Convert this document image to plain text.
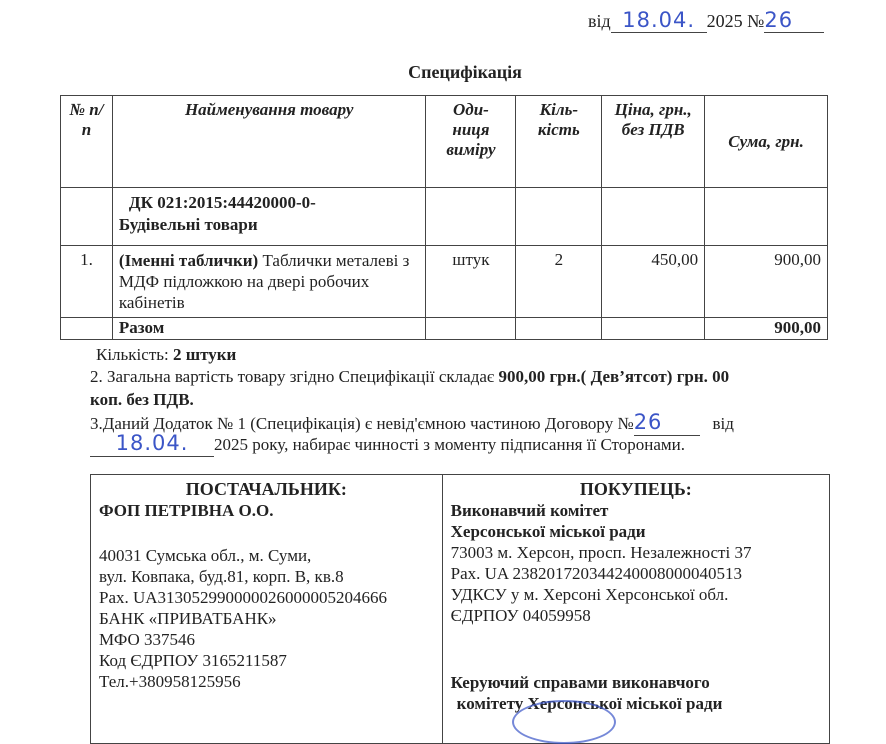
від 18.04. 2025 №26
Специфікація
№ п/п	Найменування товару	Оди- ниця виміру	Кіль- кість	Ціна, грн., без ПДВ	Сума, грн.

	ДК 021:2015:44420000-0-
Будівельні товари				

1.	(Іменні таблички) Таблички металеві з МДФ підложкою на двері робочих кабінетів	штук	2	450,00	900,00
	Разом				900,00
Кількість: 2 штуки
2. Загальна вартість товару згідно Специфікації складає 900,00 грн.( Дев’ятсот) грн. 00
коп. без ПДВ.
3.Даний Додаток № 1 (Специфікація) є невід'ємною частиною Договору №26	від
18.04. 2025 року, набирає чинності з моменту підписання її Сторонами.
ПОСТАЧАЛЬНИК:
ФОП ПЕТРІВНА О.О.
40031 Сумська обл., м. Суми,
вул. Ковпака, буд.81, корп. В, кв.8
Рах. UA313052990000026000005204666
БАНК «ПРИВАТБАНК»
МФО 337546
Код ЄДРПОУ 3165211587
Тел.+380958125956

ПОКУПЕЦЬ:
Виконавчий комітет
Херсонської міської ради
73003 м. Херсон, просп. Незалежності 37
Рах. UA 238201720344240008000040513
УДКСУ у м. Херсоні Херсонської обл.
ЄДРПОУ 04059958
Керуючий справами виконавчого
комітету Херсонської міської ради
